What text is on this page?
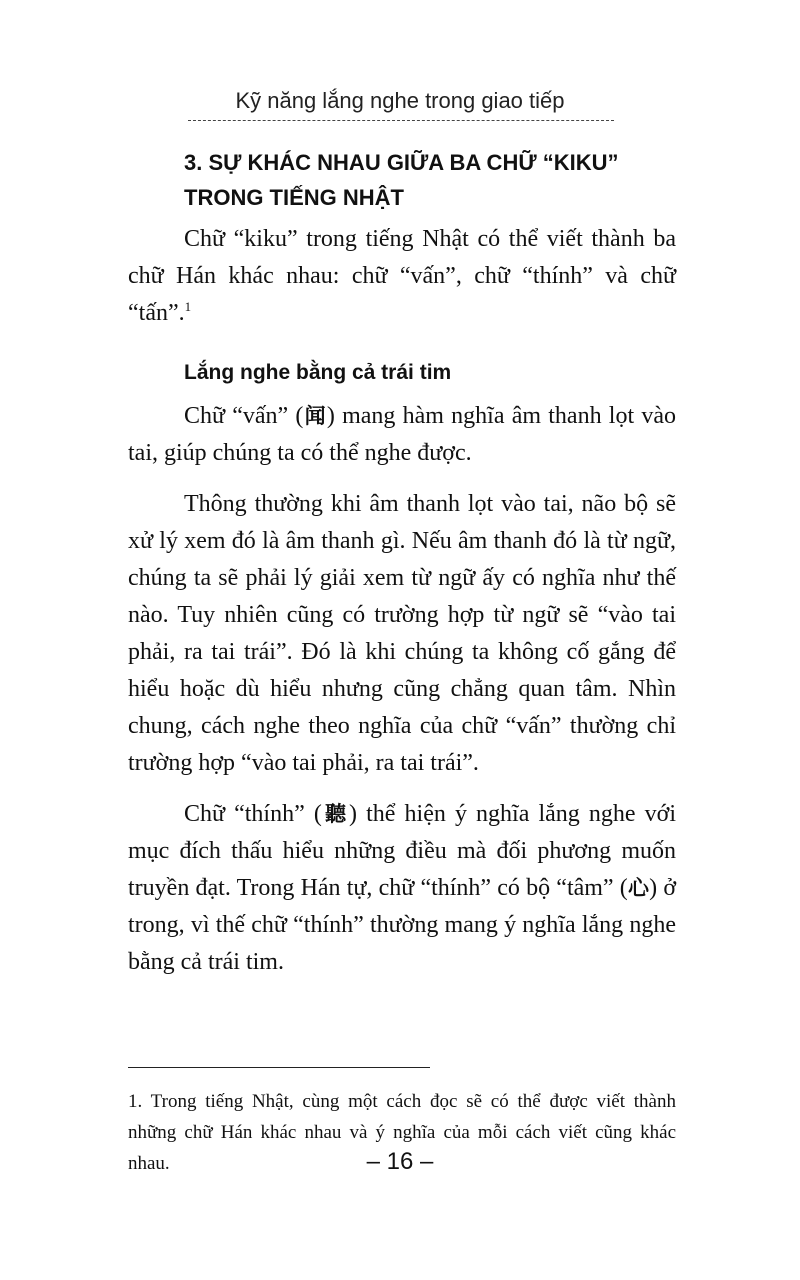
Kỹ năng lắng nghe trong giao tiếp
3. SỰ KHÁC NHAU GIỮA BA CHỮ “KIKU”
TRONG TIẾNG NHẬT

Chữ “kiku” trong tiếng Nhật có thể viết thành ba chữ Hán khác nhau: chữ “vấn”, chữ “thính” và chữ “tấn”.$^1$

Lắng nghe bằng cả trái tim

Chữ “vấn” (闻) mang hàm nghĩa âm thanh lọt vào tai, giúp chúng ta có thể nghe được.

Thông thường khi âm thanh lọt vào tai, não bộ sẽ xử lý xem đó là âm thanh gì. Nếu âm thanh đó là từ ngữ, chúng ta sẽ phải lý giải xem từ ngữ ấy có nghĩa như thế nào. Tuy nhiên cũng có trường hợp từ ngữ sẽ “vào tai phải, ra tai trái”. Đó là khi chúng ta không cố gắng để hiểu hoặc dù hiểu nhưng cũng chẳng quan tâm. Nhìn chung, cách nghe theo nghĩa của chữ “vấn” thường chỉ trường hợp “vào tai phải, ra tai trái”.

Chữ “thính” (聽) thể hiện ý nghĩa lắng nghe với mục đích thấu hiểu những điều mà đối phương muốn truyền đạt. Trong Hán tự, chữ “thính” có bộ “tâm” (心) ở trong, vì thế chữ “thính” thường mang ý nghĩa lắng nghe bằng cả trái tim.

1. Trong tiếng Nhật, cùng một cách đọc sẽ có thể được viết thành những chữ Hán khác nhau và ý nghĩa của mỗi cách viết cũng khác nhau.	– 16 –
